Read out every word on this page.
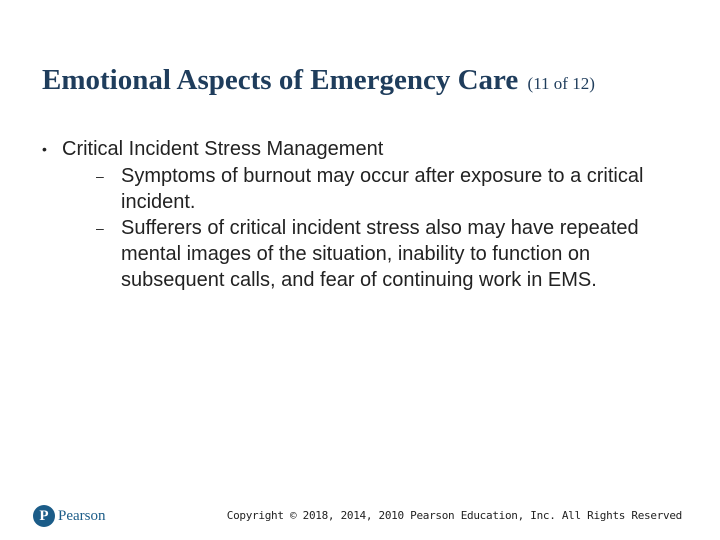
Emotional Aspects of Emergency Care (11 of 12)
• Critical Incident Stress Management
– Symptoms of burnout may occur after exposure to a critical incident.
– Sufferers of critical incident stress also may have repeated mental images of the situation, inability to function on subsequent calls, and fear of continuing work in EMS.
P Pearson	Copyright © 2018, 2014, 2010 Pearson Education, Inc. All Rights Reserved
